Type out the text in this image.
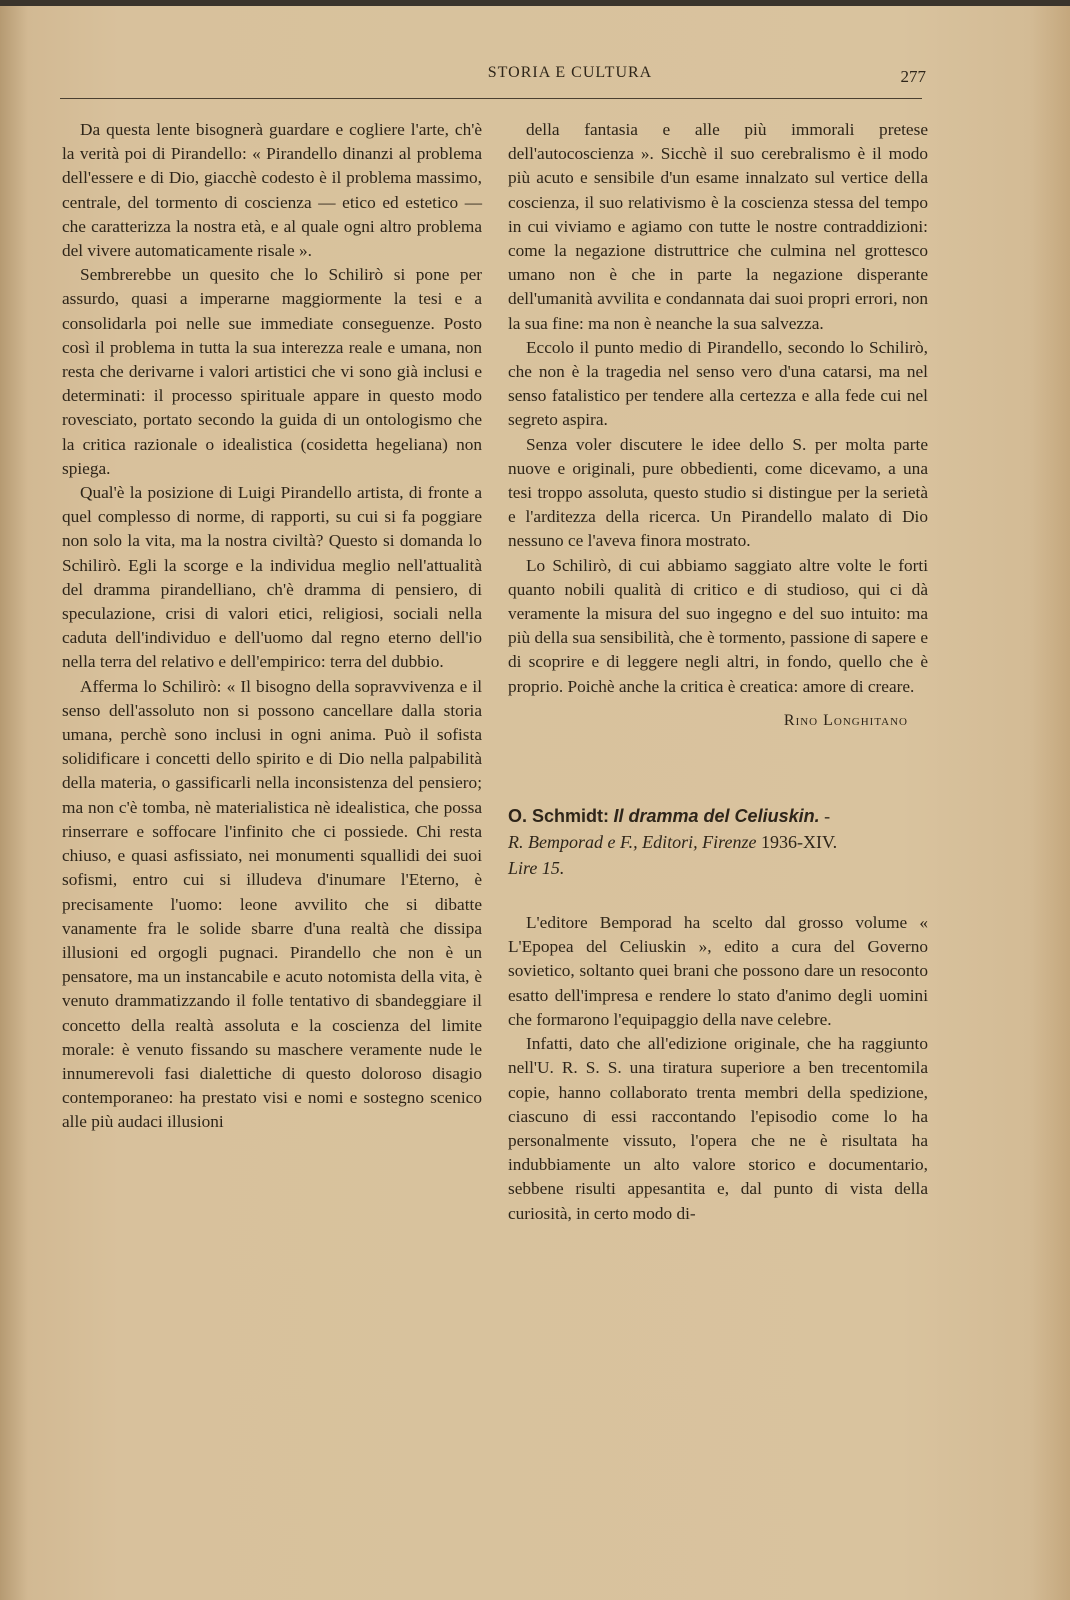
STORIA E CULTURA	277

Da questa lente bisognerà guardare e cogliere l'arte, ch'è la verità poi di Pirandello: « Pirandello dinanzi al problema dell'essere e di Dio, giacchè codesto è il problema massimo, centrale, del tormento di coscienza — etico ed estetico — che caratterizza la nostra età, e al quale ogni altro problema del vivere automaticamente risale ».

Sembrerebbe un quesito che lo Schilirò si pone per assurdo, quasi a imperarne maggiormente la tesi e a consolidarla poi nelle sue immediate conseguenze. Posto così il problema in tutta la sua interezza reale e umana, non resta che derivarne i valori artistici che vi sono già inclusi e determinati: il processo spirituale appare in questo modo rovesciato, portato secondo la guida di un ontologismo che la critica razionale o idealistica (cosidetta hegeliana) non spiega.

Qual'è la posizione di Luigi Pirandello artista, di fronte a quel complesso di norme, di rapporti, su cui si fa poggiare non solo la vita, ma la nostra civiltà? Questo si domanda lo Schilirò. Egli la scorge e la individua meglio nell'attualità del dramma pirandelliano, ch'è dramma di pensiero, di speculazione, crisi di valori etici, religiosi, sociali nella caduta dell'individuo e dell'uomo dal regno eterno dell'io nella terra del relativo e dell'empirico: terra del dubbio.

Afferma lo Schilirò: « Il bisogno della sopravvivenza e il senso dell'assoluto non si possono cancellare dalla storia umana, perchè sono inclusi in ogni anima. Può il sofista solidificare i concetti dello spirito e di Dio nella palpabilità della materia, o gassificarli nella inconsistenza del pensiero; ma non c'è tomba, nè materialistica nè idealistica, che possa rinserrare e soffocare l'infinito che ci possiede. Chi resta chiuso, e quasi asfissiato, nei monumenti squallidi dei suoi sofismi, entro cui si illudeva d'inumare l'Eterno, è precisamente l'uomo: leone avvilito che si dibatte vanamente fra le solide sbarre d'una realtà che dissipa illusioni ed orgogli pugnaci. Pirandello che non è un pensatore, ma un instancabile e acuto notomista della vita, è venuto drammatizzando il folle tentativo di sbandeggiare il concetto della realtà assoluta e la coscienza del limite morale: è venuto fissando su maschere veramente nude le innumerevoli fasi dialettiche di questo doloroso disagio contemporaneo: ha prestato visi e nomi e sostegno scenico alle più audaci illusioni

della fantasia e alle più immorali pretese dell'autocoscienza ». Sicchè il suo cerebralismo è il modo più acuto e sensibile d'un esame innalzato sul vertice della coscienza, il suo relativismo è la coscienza stessa del tempo in cui viviamo e agiamo con tutte le nostre contraddizioni: come la negazione distruttrice che culmina nel grottesco umano non è che in parte la negazione disperante dell'umanità avvilita e condannata dai suoi propri errori, non la sua fine: ma non è neanche la sua salvezza.

Eccolo il punto medio di Pirandello, secondo lo Schilirò, che non è la tragedia nel senso vero d'una catarsi, ma nel senso fatalistico per tendere alla certezza e alla fede cui nel segreto aspira.

Senza voler discutere le idee dello S. per molta parte nuove e originali, pure obbedienti, come dicevamo, a una tesi troppo assoluta, questo studio si distingue per la serietà e l'arditezza della ricerca. Un Pirandello malato di Dio nessuno ce l'aveva finora mostrato.

Lo Schilirò, di cui abbiamo saggiato altre volte le forti quanto nobili qualità di critico e di studioso, qui ci dà veramente la misura del suo ingegno e del suo intuito: ma più della sua sensibilità, che è tormento, passione di sapere e di scoprire e di leggere negli altri, in fondo, quello che è proprio. Poichè anche la critica è creatica: amore di creare.

Rino Longhitano
O. Schmidt: Il dramma del Celiuskin. -
R. Bemporad e F., Editori, Firenze 1936-XIV.
Lire 15.

L'editore Bemporad ha scelto dal grosso volume « L'Epopea del Celiuskin », edito a cura del Governo sovietico, soltanto quei brani che possono dare un resoconto esatto dell'impresa e rendere lo stato d'animo degli uomini che formarono l'equipaggio della nave celebre.

Infatti, dato che all'edizione originale, che ha raggiunto nell'U. R. S. S. una tiratura superiore a ben trecentomila copie, hanno collaborato trenta membri della spedizione, ciascuno di essi raccontando l'episodio come lo ha personalmente vissuto, l'opera che ne è risultata ha indubbiamente un alto valore storico e documentario, sebbene risulti appesantita e, dal punto di vista della curiosità, in certo modo di-
